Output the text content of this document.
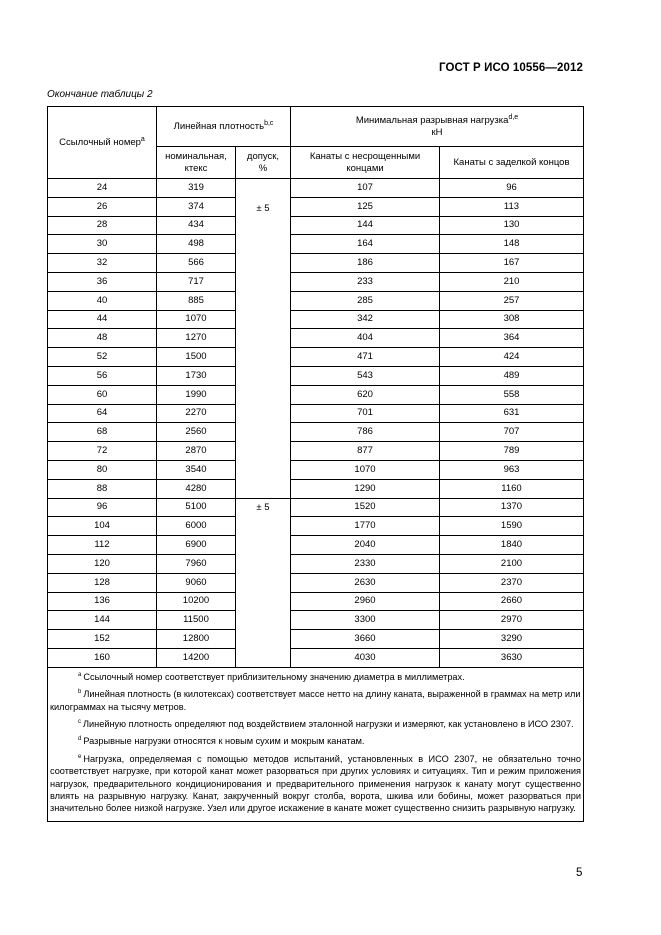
ГОСТ Р ИСО 10556—2012
Окончание таблицы 2
Ссылочный номер$^a$	Линейная плотность$^{b,c}$		Минимальная разрывная нагрузка$^{d,e}$
кН	
	номинальная, ктекс	допуск, %	Канаты с несрощенными концами	Канаты с заделкой концов
24	319	± 5	107	96
26	374		125	113
28	434		144	130
30	498		164	148
32	566		186	167
36	717		233	210
40	885		285	257
44	1070		342	308
48	1270		404	364
52	1500		471	424
56	1730		543	489
60	1990		620	558
64	2270		701	631
68	2560		786	707
72	2870		877	789
80	3540		1070	963
88	4280		1290	1160
96	5100	± 5	1520	1370
104	6000		1770	1590
112	6900		2040	1840
120	7960		2330	2100
128	9060		2630	2370
136	10200		2960	2660
144	11500		3300	2970
152	12800		3660	3290
160	14200		4030	3630

$^a$ Ссылочный номер соответствует приблизительному значению диаметра в миллиметрах.
$^b$ Линейная плотность (в килотексах) соответствует массе нетто на длину каната, выраженной в граммах на метр или килограммах на тысячу метров.
$^c$ Линейную плотность определяют под воздействием эталонной нагрузки и измеряют, как установлено в ИСО 2307.
$^d$ Разрывные нагрузки относятся к новым сухим и мокрым канатам.
$^e$ Нагрузка, определяемая с помощью методов испытаний, установленных в ИСО 2307, не обязательно точно соответствует нагрузке, при которой канат может разорваться при других условиях и ситуациях. Тип и режим приложения нагрузок, предварительного кондиционирования и предварительного применения нагрузок к канату могут существенно влиять на разрывную нагрузку. Канат, закрученный вокруг столба, ворота, шкива или бобины, может разорваться при значительно более низкой нагрузке. Узел или другое искажение в канате может существенно снизить разрывную нагрузку.				
5
